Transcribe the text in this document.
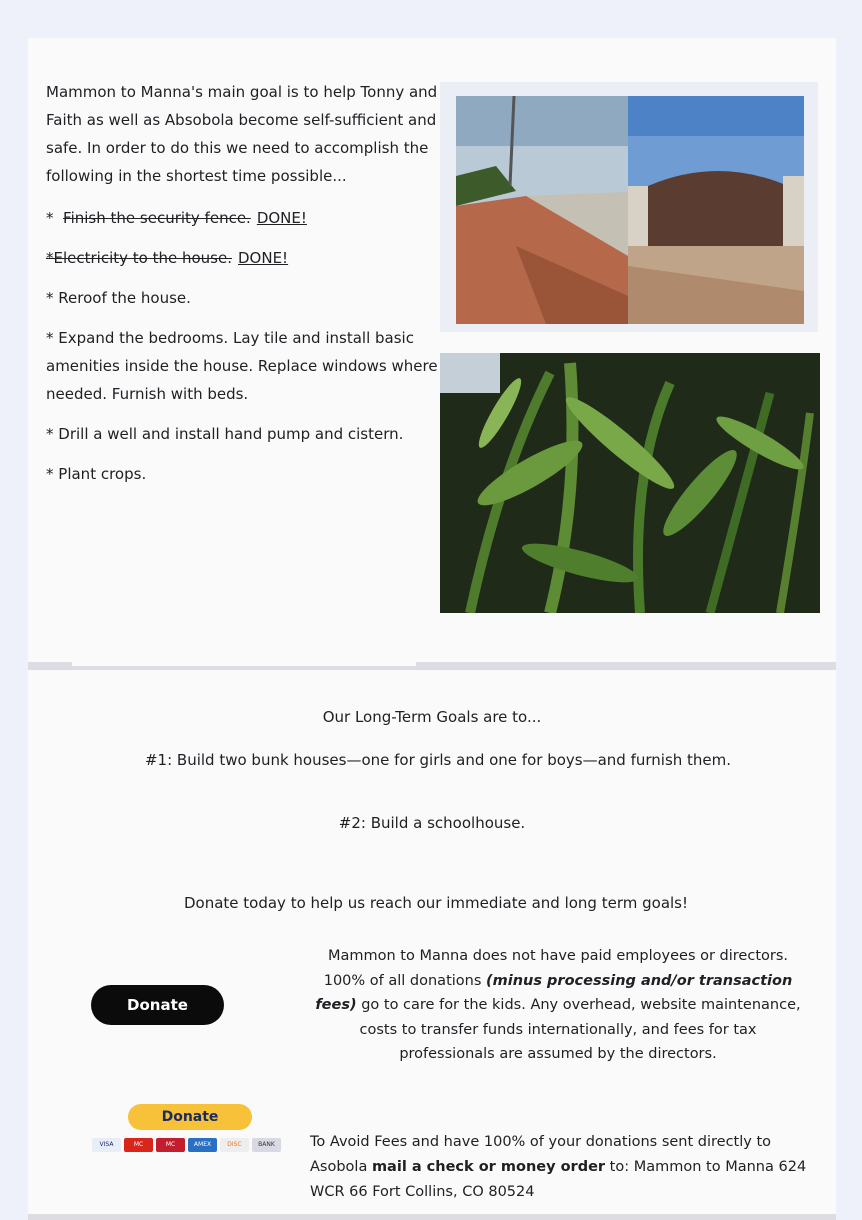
Mammon to Manna's main goal is to help Tonny and Faith as well as Absobola become self-sufficient and safe. In order to do this we need to accomplish the following in the shortest time possible...

* Finish the security fence. DONE!

*Electricity to the house. DONE!

* Reroof the house.

* Expand the bedrooms. Lay tile and install basic amenities inside the house. Replace windows where needed. Furnish with beds.

* Drill a well and install hand pump and cistern.

* Plant crops.

Our Long-Term Goals are to...
#1: Build two bunk houses—one for girls and one for boys—and furnish them.
#2: Build a schoolhouse.
Donate today to help us reach our immediate and long term goals!
Donate
Donate
VISA	MC	MC	AMEX	DISC	BANK
Mammon to Manna does not have paid employees or directors. 100% of all donations (minus processing and/or transaction fees) go to care for the kids. Any overhead, website maintenance, costs to transfer funds internationally, and fees for tax professionals are assumed by the directors.
To Avoid Fees and have 100% of your donations sent directly to Asobola mail a check or money order to: Mammon to Manna 624 WCR 66 Fort Collins, CO 80524
